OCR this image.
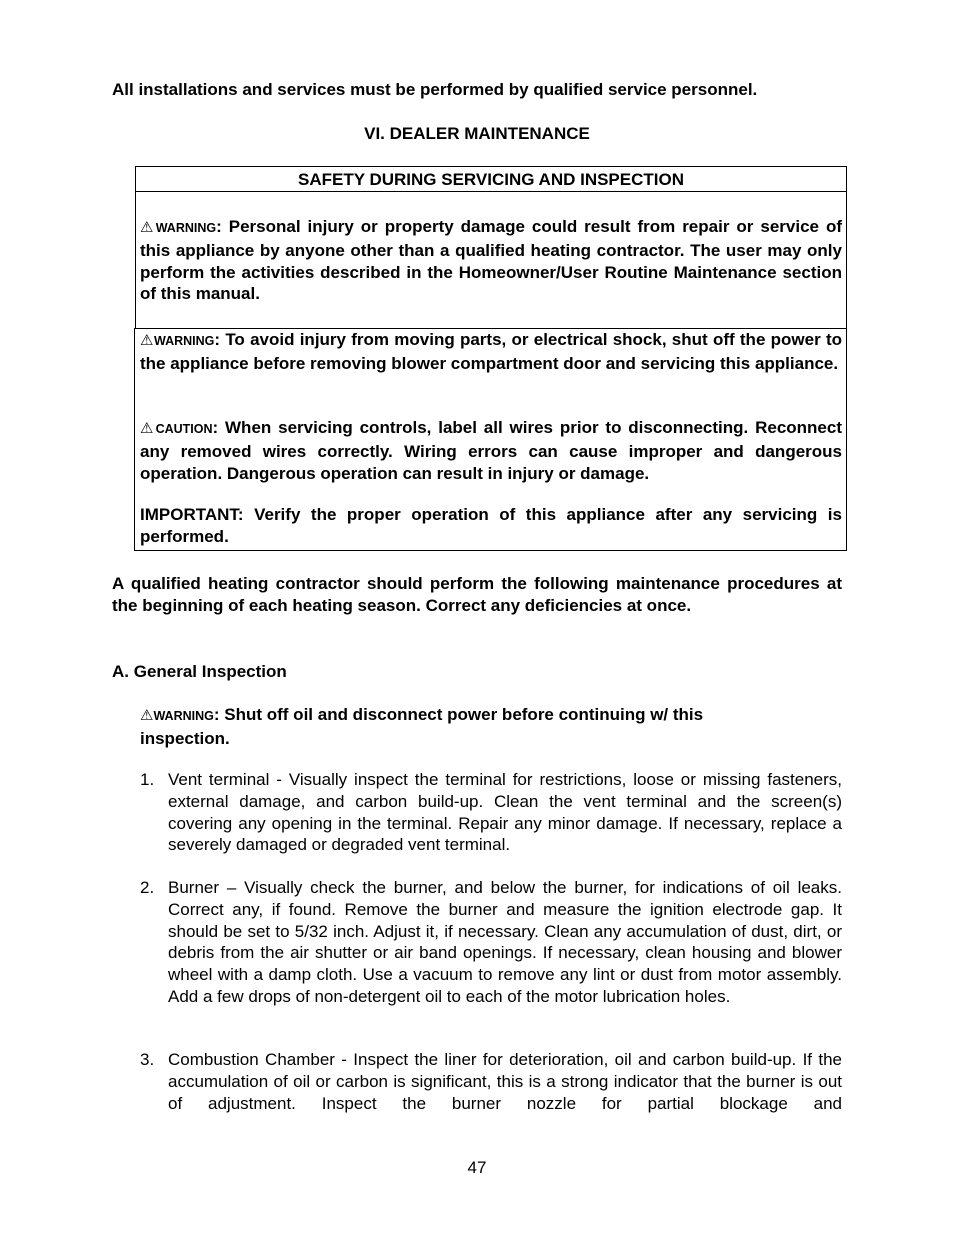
All installations and services must be performed by qualified service personnel.
VI. DEALER MAINTENANCE
SAFETY DURING SERVICING AND INSPECTION
⚠WARNING: Personal injury or property damage could result from repair or service of this appliance by anyone other than a qualified heating contractor. The user may only perform the activities described in the Homeowner/User Routine Maintenance section of this manual.
⚠WARNING: To avoid injury from moving parts, or electrical shock, shut off the power to the appliance before removing blower compartment door and servicing this appliance.
⚠CAUTION: When servicing controls, label all wires prior to disconnecting. Reconnect any removed wires correctly. Wiring errors can cause improper and dangerous operation. Dangerous operation can result in injury or damage.
IMPORTANT: Verify the proper operation of this appliance after any servicing is performed.
A qualified heating contractor should perform the following maintenance procedures at the beginning of each heating season. Correct any deficiencies at once.
A. General Inspection
⚠WARNING: Shut off oil and disconnect power before continuing w/ this inspection.
1. Vent terminal - Visually inspect the terminal for restrictions, loose or missing fasteners, external damage, and carbon build-up. Clean the vent terminal and the screen(s) covering any opening in the terminal. Repair any minor damage. If necessary, replace a severely damaged or degraded vent terminal.
2. Burner – Visually check the burner, and below the burner, for indications of oil leaks. Correct any, if found. Remove the burner and measure the ignition electrode gap. It should be set to 5/32 inch. Adjust it, if necessary. Clean any accumulation of dust, dirt, or debris from the air shutter or air band openings. If necessary, clean housing and blower wheel with a damp cloth. Use a vacuum to remove any lint or dust from motor assembly. Add a few drops of non-detergent oil to each of the motor lubrication holes.
3. Combustion Chamber - Inspect the liner for deterioration, oil and carbon build-up. If the accumulation of oil or carbon is significant, this is a strong indicator that the burner is out of adjustment. Inspect the burner nozzle for partial blockage and
47
